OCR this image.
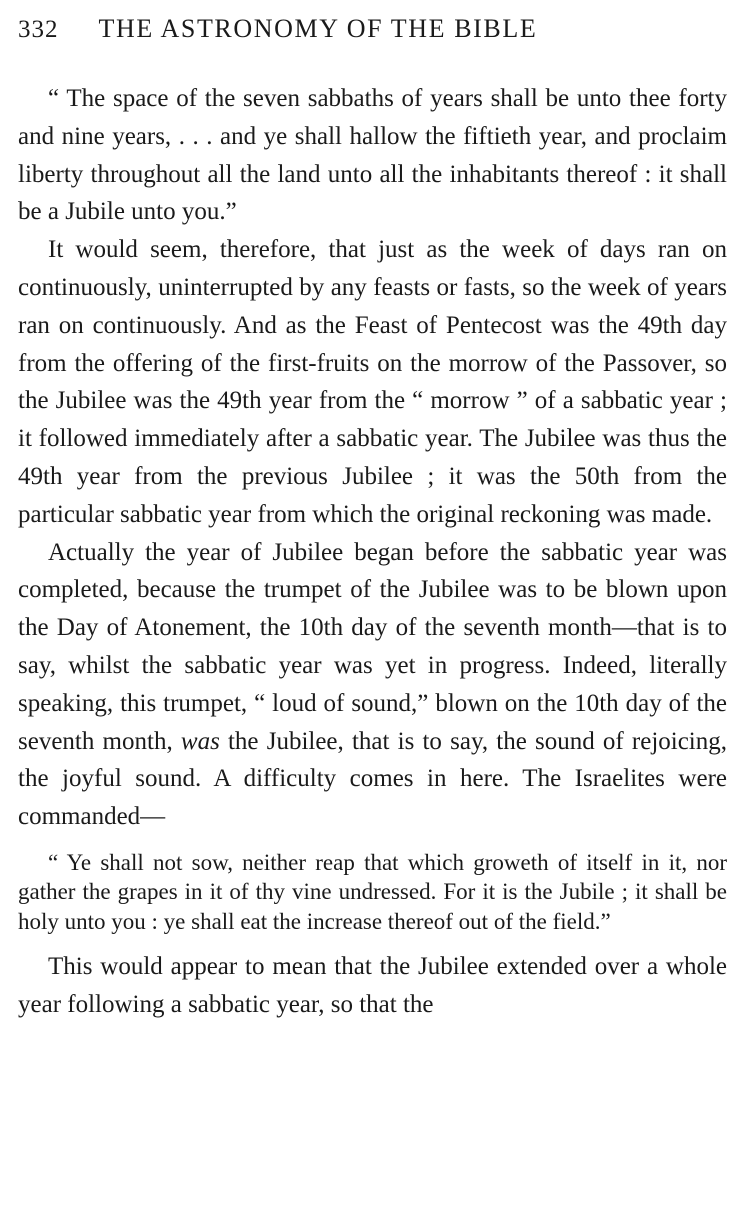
332 THE ASTRONOMY OF THE BIBLE

“ The space of the seven sabbaths of years shall be unto thee forty and nine years, . . . and ye shall hallow the fiftieth year, and proclaim liberty throughout all the land unto all the inhabitants thereof : it shall be a Jubile unto you.”

It would seem, therefore, that just as the week of days ran on continuously, uninterrupted by any feasts or fasts, so the week of years ran on continuously. And as the Feast of Pentecost was the 49th day from the offering of the first-fruits on the morrow of the Passover, so the Jubilee was the 49th year from the “ morrow ” of a sabbatic year ; it followed immediately after a sabbatic year. The Jubilee was thus the 49th year from the previous Jubilee ; it was the 50th from the particular sabbatic year from which the original reckoning was made.

Actually the year of Jubilee began before the sabbatic year was completed, because the trumpet of the Jubilee was to be blown upon the Day of Atonement, the 10th day of the seventh month—that is to say, whilst the sabbatic year was yet in progress. Indeed, literally speaking, this trumpet, “ loud of sound,” blown on the 10th day of the seventh month, was the Jubilee, that is to say, the sound of rejoicing, the joyful sound. A difficulty comes in here. The Israelites were commanded—

“ Ye shall not sow, neither reap that which groweth of itself in it, nor gather the grapes in it of thy vine undressed. For it is the Jubile ; it shall be holy unto you : ye shall eat the increase thereof out of the field.”

This would appear to mean that the Jubilee extended over a whole year following a sabbatic year, so that the
